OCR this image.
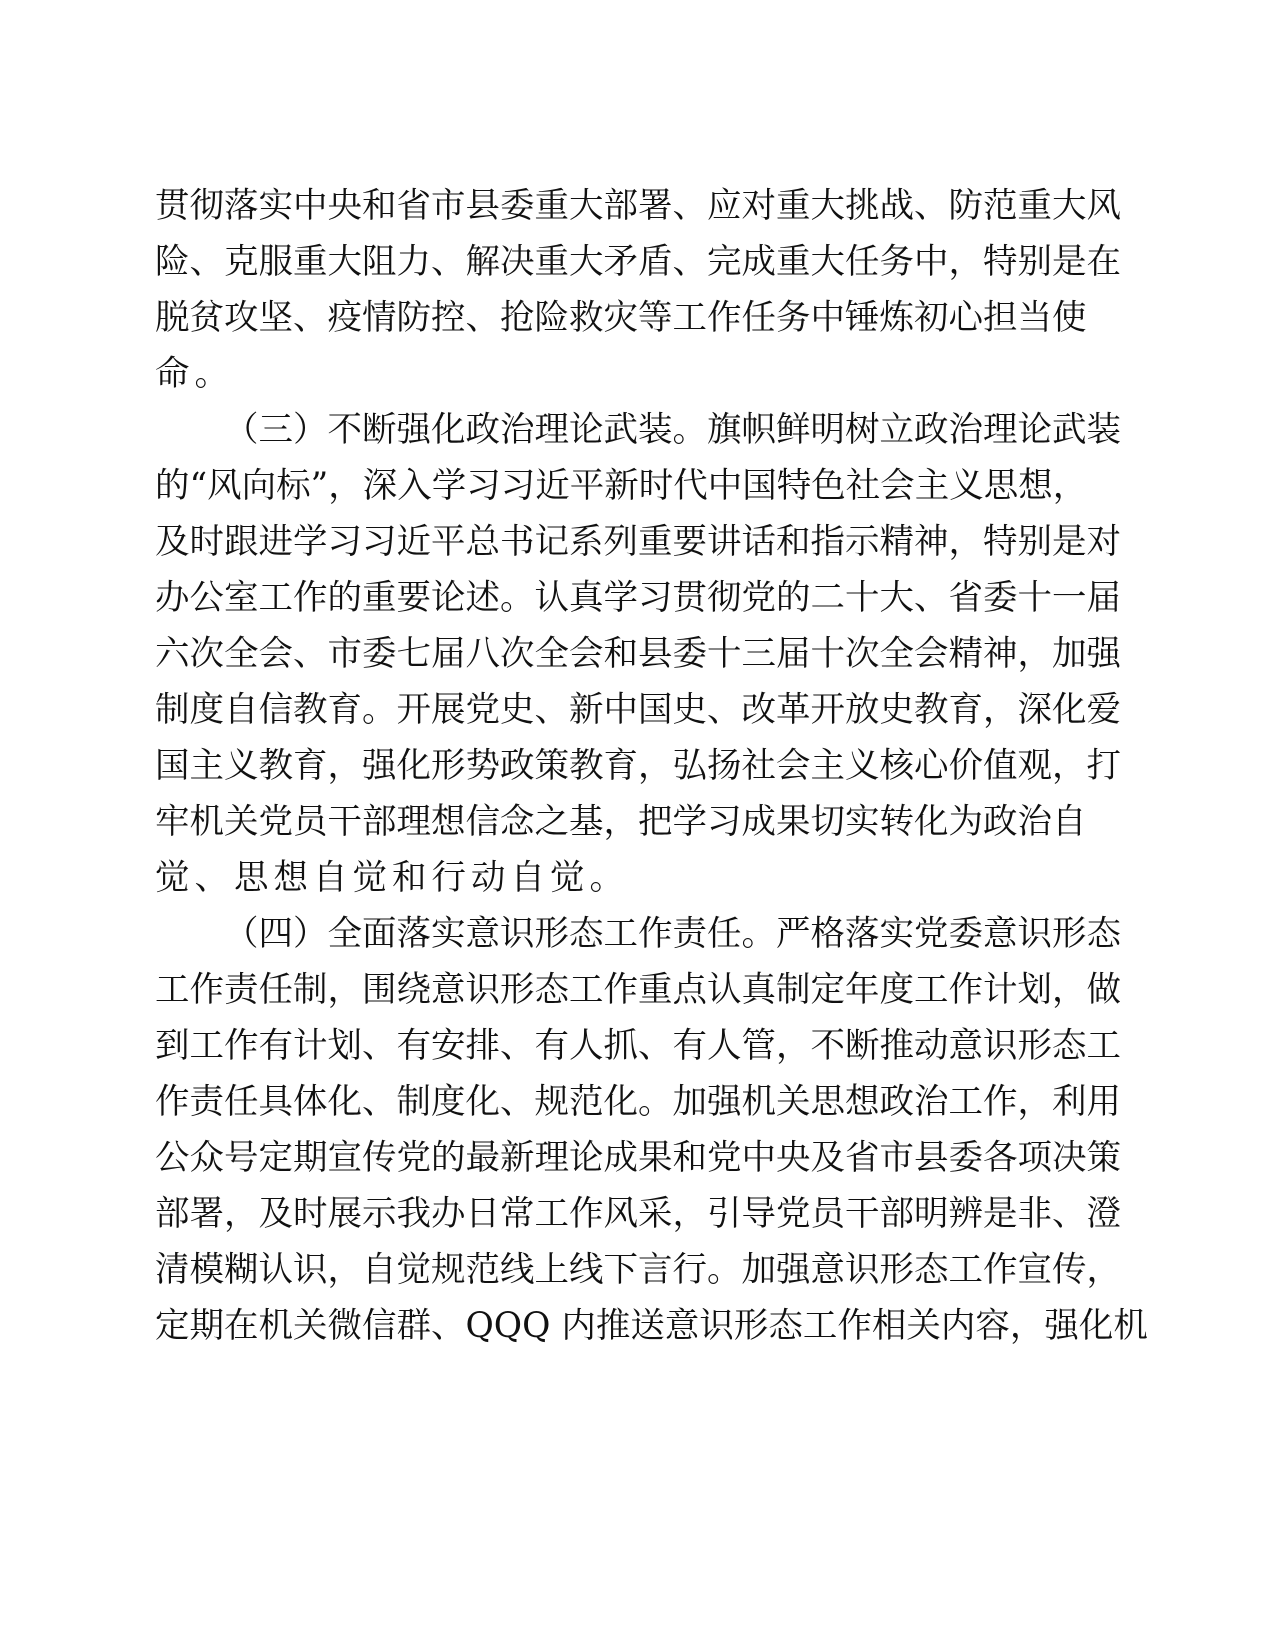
贯彻落实中央和省市县委重大部署、应对重大挑战、防范重大风
险、克服重大阻力、解决重大矛盾、完成重大任务中，特别是在
脱贫攻坚、疫情防控、抢险救灾等工作任务中锤炼初心担当使
命。
（三）不断强化政治理论武装。旗帜鲜明树立政治理论武装
的“风向标”，深入学习习近平新时代中国特色社会主义思想，
及时跟进学习习近平总书记系列重要讲话和指示精神，特别是对
办公室工作的重要论述。认真学习贯彻党的二十大、省委十一届
六次全会、市委七届八次全会和县委十三届十次全会精神，加强
制度自信教育。开展党史、新中国史、改革开放史教育，深化爱
国主义教育，强化形势政策教育，弘扬社会主义核心价值观，打
牢机关党员干部理想信念之基，把学习成果切实转化为政治自
觉、思想自觉和行动自觉。
（四）全面落实意识形态工作责任。严格落实党委意识形态
工作责任制，围绕意识形态工作重点认真制定年度工作计划，做
到工作有计划、有安排、有人抓、有人管，不断推动意识形态工
作责任具体化、制度化、规范化。加强机关思想政治工作，利用
公众号定期宣传党的最新理论成果和党中央及省市县委各项决策
部署，及时展示我办日常工作风采，引导党员干部明辨是非、澄
清模糊认识，自觉规范线上线下言行。加强意识形态工作宣传，
定期在机关微信群、QQQ 内推送意识形态工作相关内容，强化机
